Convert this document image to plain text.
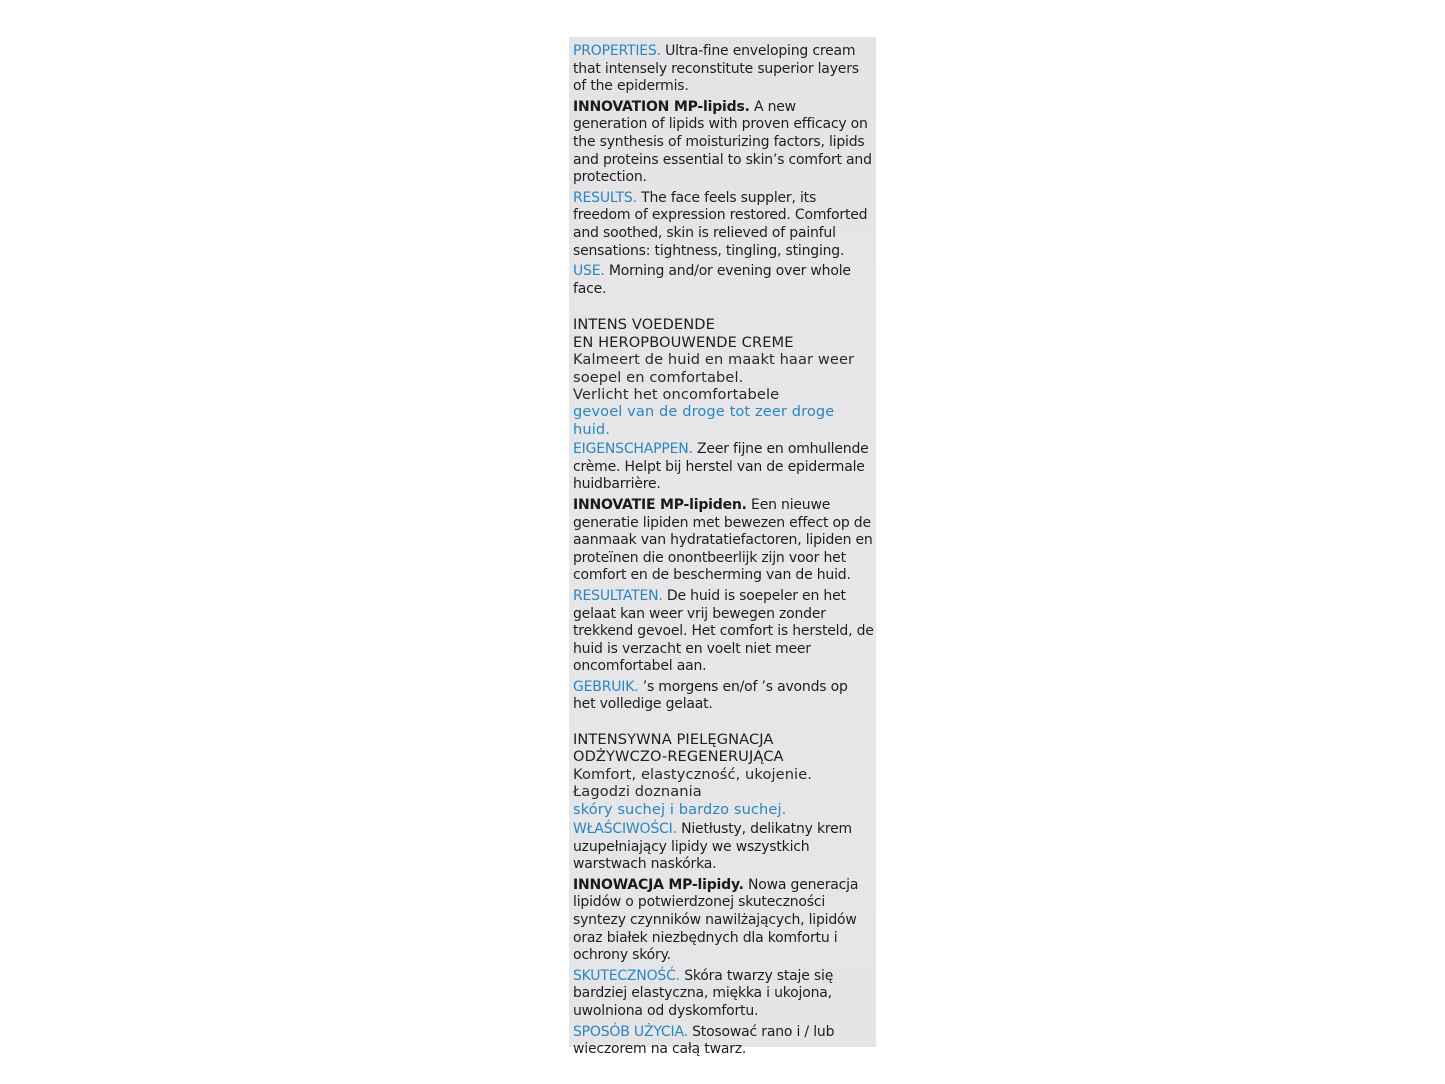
PROPERTIES. Ultra-fine enveloping cream that intensely reconstitute superior layers of the epidermis.

INNOVATION MP-lipids. A new generation of lipids with proven efficacy on the synthesis of moisturizing factors, lipids and proteins essential to skin’s comfort and protection.

RESULTS. The face feels suppler, its freedom of expression restored. Comforted and soothed, skin is relieved of painful sensations: tightness, tingling, stinging.

USE. Morning and/or evening over whole face.

INTENS VOEDENDE

EN HEROPBOUWENDE CREME

Kalmeert de huid en maakt haar weer

soepel en comfortabel.

Verlicht het oncomfortabele

gevoel van de droge tot zeer droge huid.

EIGENSCHAPPEN. Zeer fijne en omhullende crème. Helpt bij herstel van de epidermale huidbarrière.

INNOVATIE MP-lipiden. Een nieuwe generatie lipiden met bewezen effect op de aanmaak van hydratatiefactoren, lipiden en proteïnen die onontbeerlijk zijn voor het comfort en de bescherming van de huid.

RESULTATEN. De huid is soepeler en het gelaat kan weer vrij bewegen zonder trekkend gevoel. Het comfort is hersteld, de huid is verzacht en voelt niet meer oncomfortabel aan.

GEBRUIK. ’s morgens en/of ’s avonds op het volledige gelaat.

INTENSYWNA PIELĘGNACJA

ODŻYWCZO-REGENERUJĄCA

Komfort, elastyczność, ukojenie.

Łagodzi doznania

skóry suchej i bardzo suchej.

WŁAŚCIWOŚCI. Nietłusty, delikatny krem uzupełniający lipidy we wszystkich warstwach naskórka.

INNOWACJA MP-lipidy. Nowa generacja lipidów o potwierdzonej skuteczności syntezy czynników nawilżających, lipidów oraz białek niezbędnych dla komfortu i ochrony skóry.

SKUTECZNOŚĆ. Skóra twarzy staje się bardziej elastyczna, miękka i ukojona, uwolniona od dyskomfortu.

SPOSÓB UŻYCIA. Stosować rano i / lub wieczorem na całą twarz.
